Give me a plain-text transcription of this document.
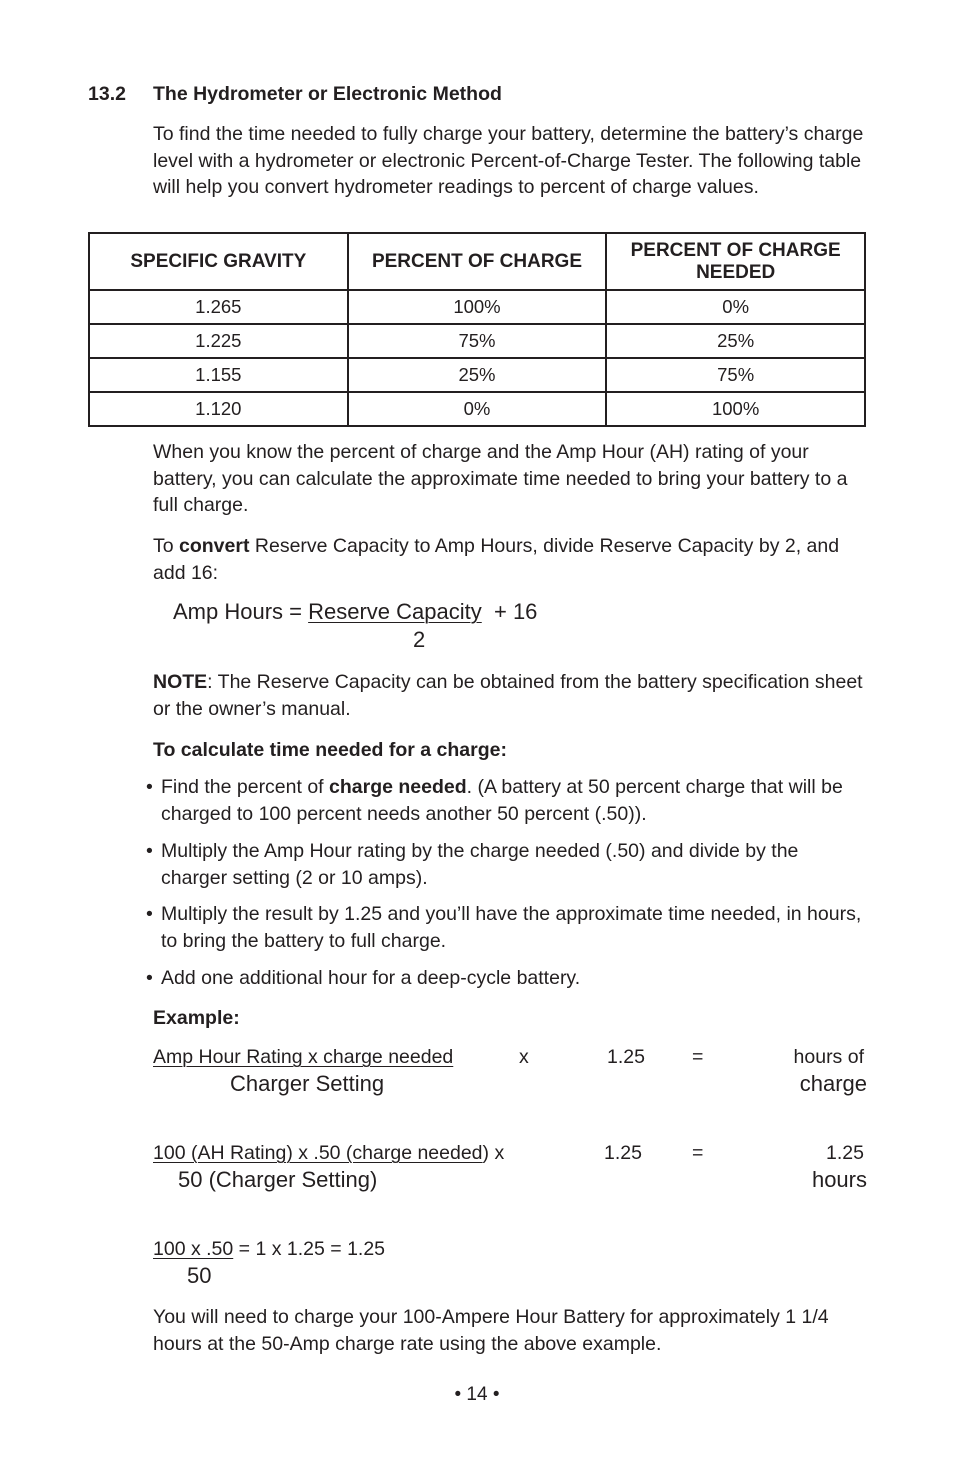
13.2 The Hydrometer or Electronic Method

To find the time needed to fully charge your battery, determine the battery’s charge level with a hydrometer or electronic Percent-of-Charge Tester. The following table will help you convert hydrometer readings to percent of charge values.

SPECIFIC GRAVITY	PERCENT OF CHARGE	PERCENT OF CHARGE NEEDED
1.265	100%	0%
1.225	75%	25%
1.155	25%	75%
1.120	0%	100%

When you know the percent of charge and the Amp Hour (AH) rating of your battery, you can calculate the approximate time needed to bring your battery to a full charge.

To convert Reserve Capacity to Amp Hours, divide Reserve Capacity by 2, and add 16:

Amp Hours = Reserve Capacity + 16
2

NOTE: The Reserve Capacity can be obtained from the battery specification sheet or the owner’s manual.

To calculate time needed for a charge:
• Find the percent of charge needed. (A battery at 50 percent charge that will be charged to 100 percent needs another 50 percent (.50)).
• Multiply the Amp Hour rating by the charge needed (.50) and divide by the charger setting (2 or 10 amps).
• Multiply the result by 1.25 and you’ll have the approximate time needed, in hours, to bring the battery to full charge.
• Add one additional hour for a deep-cycle battery.
Example:
Amp Hour Rating x charge needed	x	1.25 =	hours of
Charger Setting	charge
100 (AH Rating) x .50 (charge needed) x	1.25	=	1.25
50 (Charger Setting)	hours
100 x .50 = 1 x 1.25 = 1.25
50

You will need to charge your 100-Ampere Hour Battery for approximately 1 1/4 hours at the 50-Amp charge rate using the above example.

• 14 •
